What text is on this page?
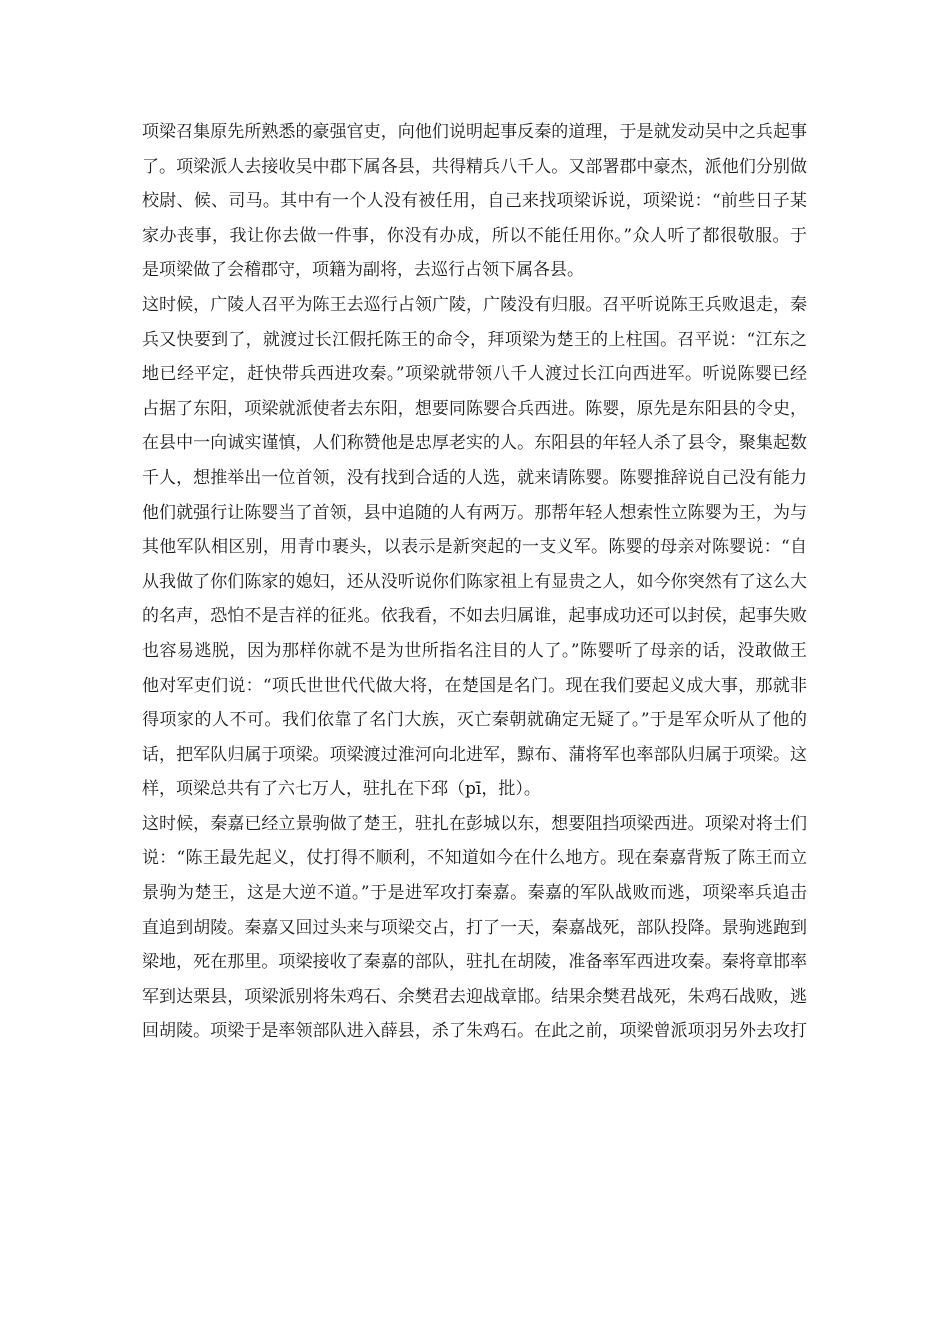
项梁召集原先所熟悉的豪强官吏，向他们说明起事反秦的道理，于是就发动吴中之兵起事
了。项梁派人去接收吴中郡下属各县，共得精兵八千人。又部署郡中豪杰，派他们分别做
校尉、候、司马。其中有一个人没有被任用，自己来找项梁诉说，项梁说：“前些日子某
家办丧事，我让你去做一件事，你没有办成，所以不能任用你。”众人听了都很敬服。于
是项梁做了会稽郡守，项籍为副将，去巡行占领下属各县。
这时候，广陵人召平为陈王去巡行占领广陵，广陵没有归服。召平听说陈王兵败退走，秦
兵又快要到了，就渡过长江假托陈王的命令，拜项梁为楚王的上柱国。召平说：“江东之
地已经平定，赶快带兵西进攻秦。”项梁就带领八千人渡过长江向西进军。听说陈婴已经
占据了东阳，项梁就派使者去东阳，想要同陈婴合兵西进。陈婴，原先是东阳县的令史，
在县中一向诚实谨慎，人们称赞他是忠厚老实的人。东阳县的年轻人杀了县令，聚集起数
千人，想推举出一位首领，没有找到合适的人选，就来请陈婴。陈婴推辞说自己没有能力
他们就强行让陈婴当了首领，县中追随的人有两万。那帮年轻人想索性立陈婴为王，为与
其他军队相区别，用青巾裹头，以表示是新突起的一支义军。陈婴的母亲对陈婴说：“自
从我做了你们陈家的媳妇，还从没听说你们陈家祖上有显贵之人，如今你突然有了这么大
的名声，恐怕不是吉祥的征兆。依我看，不如去归属谁，起事成功还可以封侯，起事失败
也容易逃脱，因为那样你就不是为世所指名注目的人了。”陈婴听了母亲的话，没敢做王
他对军吏们说：“项氏世世代代做大将，在楚国是名门。现在我们要起义成大事，那就非
得项家的人不可。我们依靠了名门大族，灭亡秦朝就确定无疑了。”于是军众听从了他的
话，把军队归属于项梁。项梁渡过淮河向北进军，黥布、蒲将军也率部队归属于项梁。这
样，项梁总共有了六七万人，驻扎在下邳（pī，批）。
这时候，秦嘉已经立景驹做了楚王，驻扎在彭城以东，想要阻挡项梁西进。项梁对将士们
说：“陈王最先起义，仗打得不顺利，不知道如今在什么地方。现在秦嘉背叛了陈王而立
景驹为楚王，这是大逆不道。”于是进军攻打秦嘉。秦嘉的军队战败而逃，项梁率兵追击
直追到胡陵。秦嘉又回过头来与项梁交占，打了一天，秦嘉战死，部队投降。景驹逃跑到
梁地，死在那里。项梁接收了秦嘉的部队，驻扎在胡陵，准备率军西进攻秦。秦将章邯率
军到达栗县，项梁派别将朱鸡石、余樊君去迎战章邯。结果余樊君战死，朱鸡石战败，逃
回胡陵。项梁于是率领部队进入薛县，杀了朱鸡石。在此之前，项梁曾派项羽另外去攻打
